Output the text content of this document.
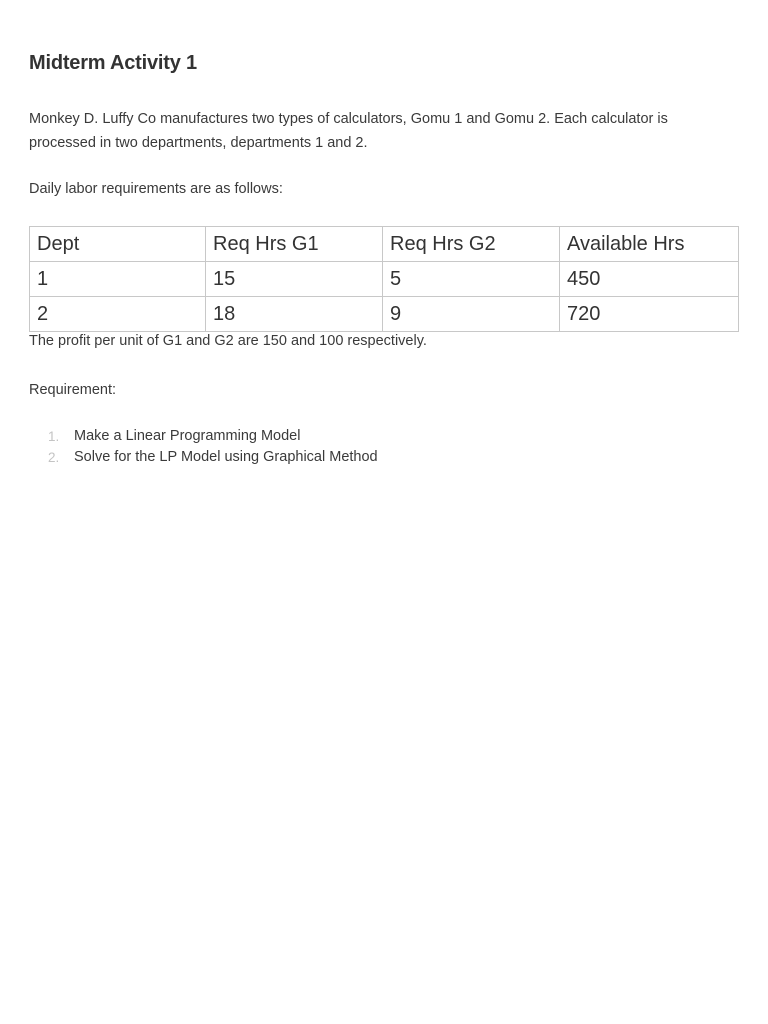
Midterm Activity 1

Monkey D. Luffy Co manufactures two types of calculators, Gomu 1 and Gomu 2. Each calculator is processed in two departments, departments 1 and 2.

Daily labor requirements are as follows:

Dept	Req Hrs G1	Req Hrs G2	Available Hrs
1	15	5	450
2	18	9	720

The profit per unit of G1 and G2 are 150 and 100 respectively.

Requirement:

1. Make a Linear Programming Model
2. Solve for the LP Model using Graphical Method
